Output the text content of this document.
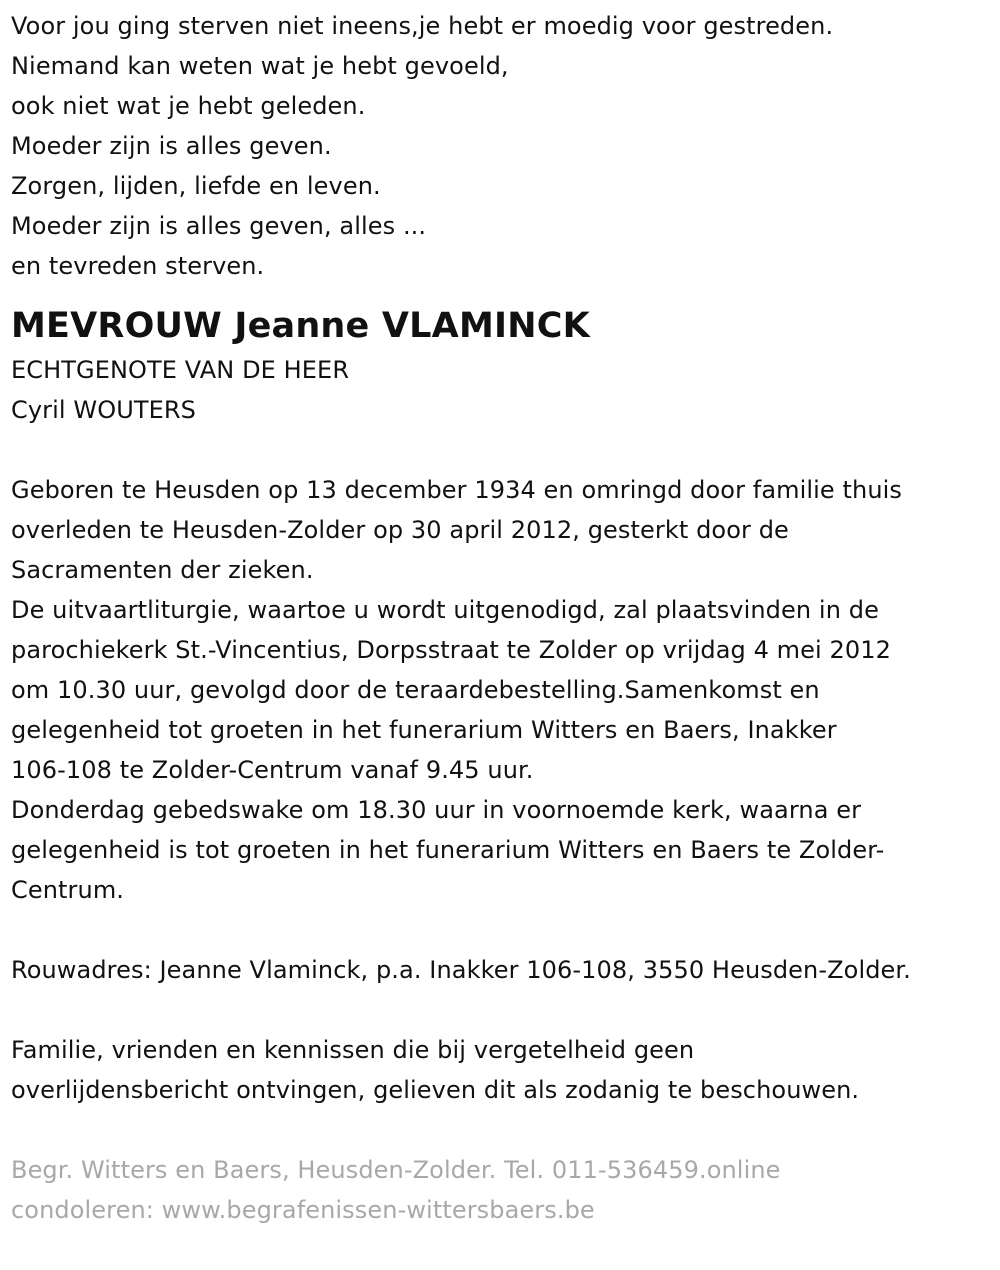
Voor jou ging sterven niet ineens,je hebt er moedig voor gestreden.
Niemand kan weten wat je hebt gevoeld,
ook niet wat je hebt geleden.
Moeder zijn is alles geven.
Zorgen, lijden, liefde en leven.
Moeder zijn is alles geven, alles ...
en tevreden sterven.
MEVROUW Jeanne VLAMINCK
ECHTGENOTE VAN DE HEER
Cyril WOUTERS
Geboren te Heusden op 13 december 1934 en omringd door familie thuis
overleden te Heusden-Zolder op 30 april 2012, gesterkt door de
Sacramenten der zieken.
De uitvaartliturgie, waartoe u wordt uitgenodigd, zal plaatsvinden in de
parochiekerk St.-Vincentius, Dorpsstraat te Zolder op vrijdag 4 mei 2012
om 10.30 uur, gevolgd door de teraardebestelling.Samenkomst en
gelegenheid tot groeten in het funerarium Witters en Baers, Inakker
106-108 te Zolder-Centrum vanaf 9.45 uur.
Donderdag gebedswake om 18.30 uur in voornoemde kerk, waarna er
gelegenheid is tot groeten in het funerarium Witters en Baers te Zolder-
Centrum.
Rouwadres: Jeanne Vlaminck, p.a. Inakker 106-108, 3550 Heusden-Zolder.
Familie, vrienden en kennissen die bij vergetelheid geen
overlijdensbericht ontvingen, gelieven dit als zodanig te beschouwen.
Begr. Witters en Baers, Heusden-Zolder. Tel. 011-536459.online
condoleren: www.begrafenissen-wittersbaers.be
